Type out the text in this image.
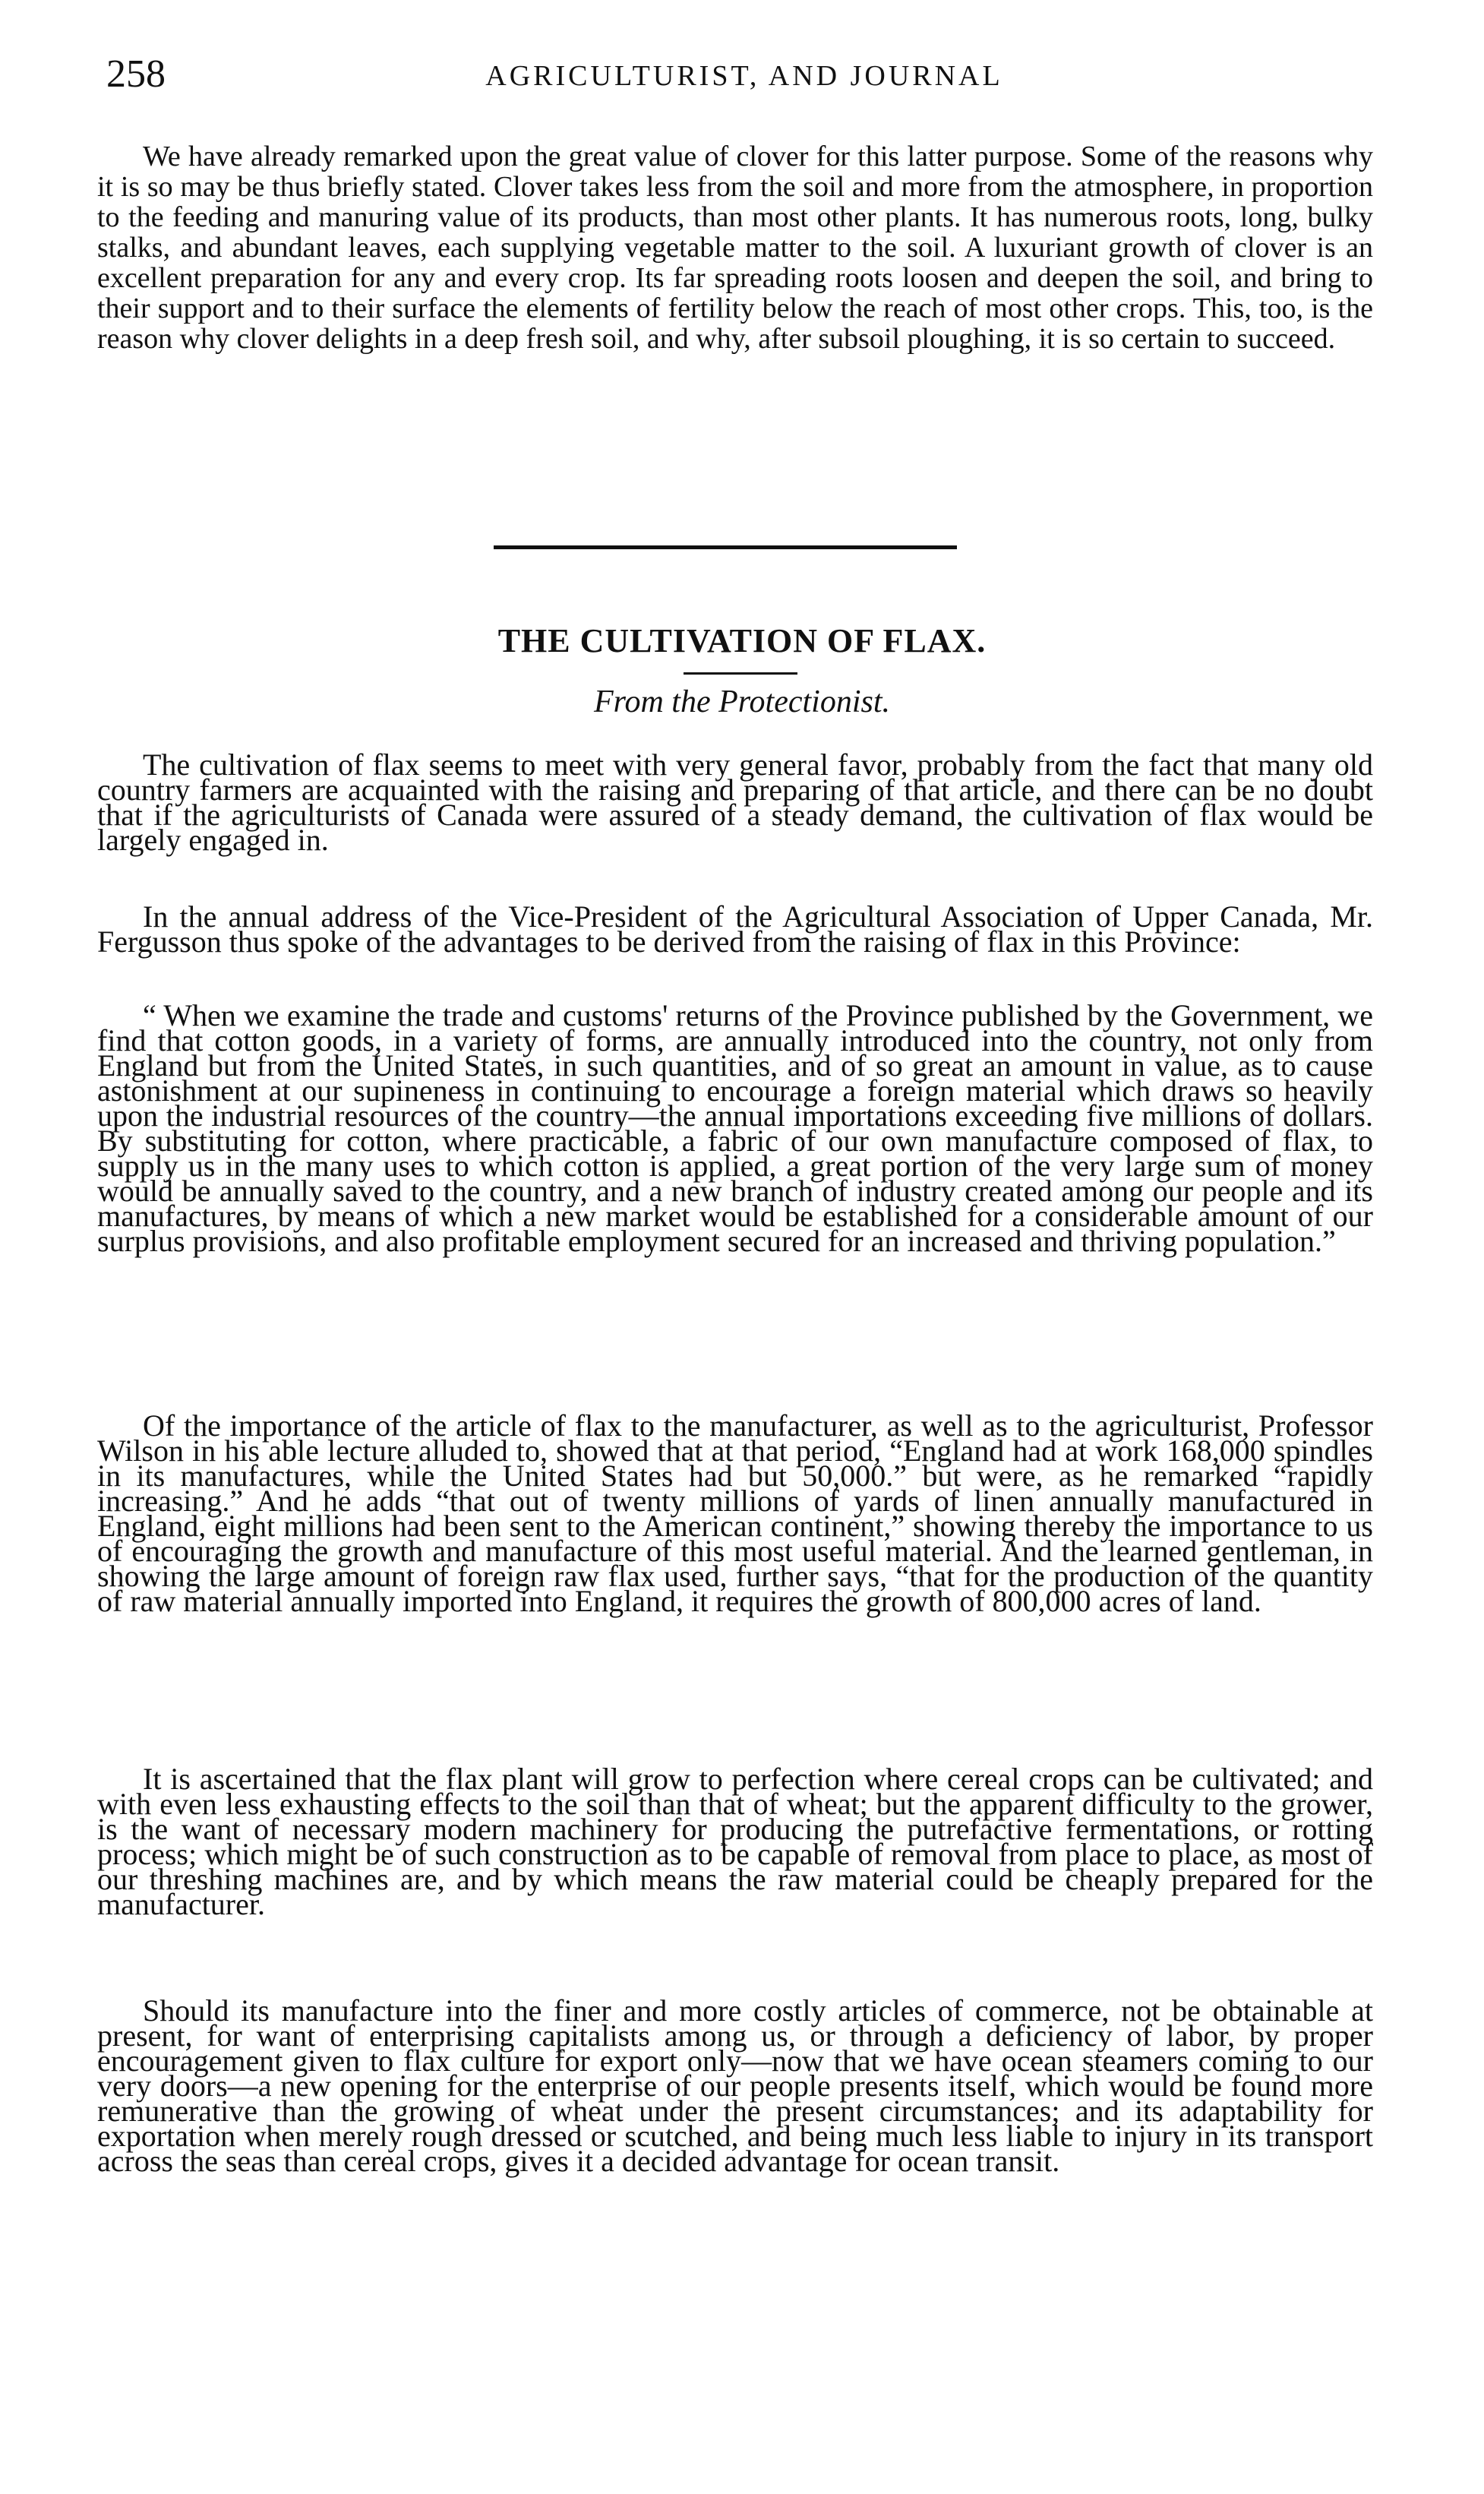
258	AGRICULTURIST, AND JOURNAL

We have already remarked upon the great value of clover for this latter purpose. Some of the reasons why it is so may be thus briefly stated. Clover takes less from the soil and more from the atmosphere, in proportion to the feeding and manuring value of its products, than most other plants. It has numerous roots, long, bulky stalks, and abundant leaves, each supplying vegetable matter to the soil. A luxuriant growth of clover is an excellent preparation for any and every crop. Its far spreading roots loosen and deepen the soil, and bring to their support and to their surface the elements of fertility below the reach of most other crops. This, too, is the reason why clover delights in a deep fresh soil, and why, after subsoil ploughing, it is so certain to succeed.

THE CULTIVATION OF FLAX.

From the Protectionist.

The cultivation of flax seems to meet with very general favor, probably from the fact that many old country farmers are acquainted with the raising and preparing of that article, and there can be no doubt that if the agriculturists of Canada were assured of a steady demand, the cultivation of flax would be largely engaged in.

In the annual address of the Vice-President of the Agricultural Association of Upper Canada, Mr. Fergusson thus spoke of the advantages to be derived from the raising of flax in this Province:

“ When we examine the trade and customs' returns of the Province published by the Government, we find that cotton goods, in a variety of forms, are annually introduced into the country, not only from England but from the United States, in such quantities, and of so great an amount in value, as to cause astonishment at our supineness in continuing to encourage a foreign material which draws so heavily upon the industrial resources of the country—the annual importations exceeding five millions of dollars. By substituting for cotton, where practicable, a fabric of our own manufacture composed of flax, to supply us in the many uses to which cotton is applied, a great portion of the very large sum of money would be annually saved to the country, and a new branch of industry created among our people and its manufactures, by means of which a new market would be established for a considerable amount of our surplus provisions, and also profitable employment secured for an increased and thriving population.”

Of the importance of the article of flax to the manufacturer, as well as to the agriculturist, Professor Wilson in his able lecture alluded to, showed that at that period, “England had at work 168,000 spindles in its manufactures, while the United States had but 50,000.” but were, as he remarked “rapidly increasing.” And he adds “that out of twenty millions of yards of linen annually manufactured in England, eight millions had been sent to the American continent,” showing thereby the importance to us of encouraging the growth and manufacture of this most useful material. And the learned gentleman, in showing the large amount of foreign raw flax used, further says, “that for the production of the quantity of raw material annually imported into England, it requires the growth of 800,000 acres of land.

It is ascertained that the flax plant will grow to perfection where cereal crops can be cultivated; and with even less exhausting effects to the soil than that of wheat; but the apparent difficulty to the grower, is the want of necessary modern machinery for producing the putrefactive fermentations, or rotting process; which might be of such construction as to be capable of removal from place to place, as most of our threshing machines are, and by which means the raw material could be cheaply prepared for the manufacturer.

Should its manufacture into the finer and more costly articles of commerce, not be obtainable at present, for want of enterprising capitalists among us, or through a deficiency of labor, by proper encouragement given to flax culture for export only—now that we have ocean steamers coming to our very doors—a new opening for the enterprise of our people presents itself, which would be found more remunerative than the growing of wheat under the present circumstances; and its adaptability for exportation when merely rough dressed or scutched, and being much less liable to injury in its transport across the seas than cereal crops, gives it a decided advantage for ocean transit.
